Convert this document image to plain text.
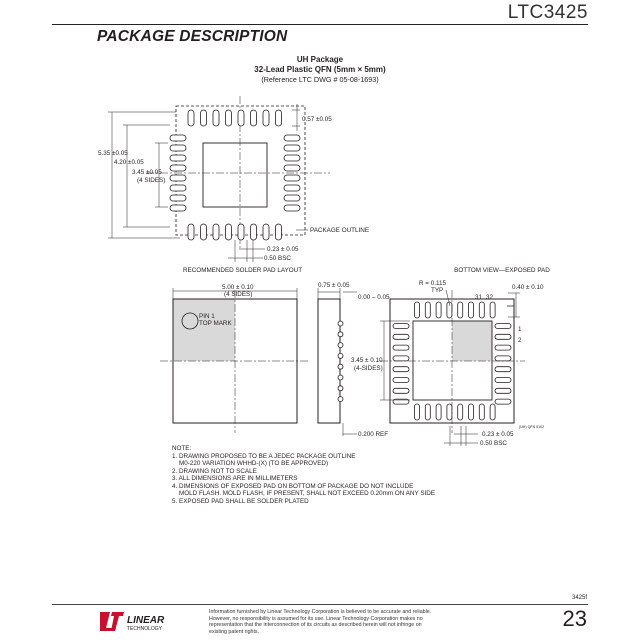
LTC3425
PACKAGE DESCRIPTION
UH Package
32-Lead Plastic QFN (5mm × 5mm)
(Reference LTC DWG # 05-08-1693)
5.35 ±0.05
4.20 ±0.05
3.45 ±0.05
(4 SIDES)
0.57 ±0.05
0.23 ± 0.05
0.50 BSC
PACKAGE OUTLINE
RECOMMENDED SOLDER PAD LAYOUT
PIN 1
TOP MARK
5.00 ± 0.10
(4 SIDES)
0.75 ± 0.05
0.00 – 0.05
0.200 REF
BOTTOM VIEW—EXPOSED PAD
R = 0.115
TYP
31 32
1
2
0.40 ± 0.10
3.45 ± 0.10
(4-SIDES)
0.23 ± 0.05
0.50 BSC
(UH) QFN 0102
NOTE:
1. DRAWING PROPOSED TO BE A JEDEC PACKAGE OUTLINE
M0-220 VARIATION WHHD-(X) (TO BE APPROVED)
2. DRAWING NOT TO SCALE
3. ALL DIMENSIONS ARE IN MILLIMETERS
4. DIMENSIONS OF EXPOSED PAD ON BOTTOM OF PACKAGE DO NOT INCLUDE
MOLD FLASH. MOLD FLASH, IF PRESENT, SHALL NOT EXCEED 0.20mm ON ANY SIDE
5. EXPOSED PAD SHALL BE SOLDER PLATED
3425f
LINEAR
TECHNOLOGY
Information furnished by Linear Technology Corporation is believed to be accurate and reliable. However, no responsibility is assumed for its use. Linear Technology Corporation makes no representation that the interconnection of its circuits as described herein will not infringe on existing patent rights.
23
